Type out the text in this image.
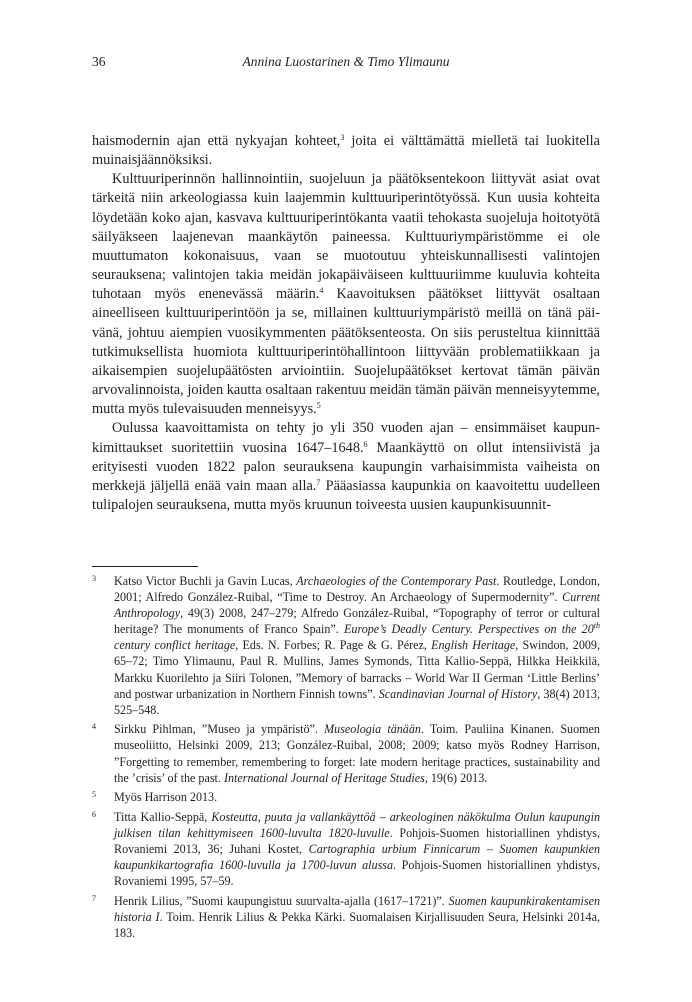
36	Annina Luostarinen & Timo Ylimaunu

haismodernin ajan että nykyajan kohteet,$^3$ joita ei välttämättä mielletä tai luokitella muinaisjäännöksiksi.

Kulttuuriperinnön hallinnointiin, suojeluun ja päätöksentekoon liittyvät asiat ovat tärkeitä niin arkeologiassa kuin laajemmin kulttuuriperintötyössä. Kun uusia kohteita löydetään koko ajan, kasvava kulttuuriperintökanta vaatii tehokasta suojeluja hoitotyötä säilyäkseen laajenevan maankäytön paineessa. Kulttuuriympäristömme ei ole muuttumaton kokonaisuus, vaan se muotoutuu yhteiskunnallisesti valintojen seurauksena; valintojen takia meidän jokapäiväiseen kulttuuriimme kuuluvia kohteita tuhotaan myös enenevässä määrin.$^4$ Kaavoituksen päätökset liittyvät osaltaan aineelliseen kulttuuriperintöön ja se, millainen kulttuuriympäristö meillä on tänä päivänä, johtuu aiempien vuosikymmenten päätöksenteosta. On siis perusteltua kiinnittää tutkimuksellista huomiota kulttuuriperintöhallintoon liittyvään problematiikkaan ja aikaisempien suojelupäätösten arviointiin. Suojelupäätökset kertovat tämän päivän arvovalinnoista, joiden kautta osaltaan rakentuu meidän tämän päivän menneisyytemme, mutta myös tulevaisuuden menneisyys.$^5$

Oulussa kaavoittamista on tehty jo yli 350 vuoden ajan – ensimmäiset kaupunkimittaukset suoritettiin vuosina 1647–1648.$^6$ Maankäyttö on ollut intensiivistä ja erityisesti vuoden 1822 palon seurauksena kaupungin varhaisimmista vaiheista on merkkejä jäljellä enää vain maan alla.$^7$ Pääasiassa kaupunkia on kaavoitettu uudelleen tulipalojen seurauksena, mutta myös kruunun toiveesta uusien kaupunkisuunnit-

3 Katso Victor Buchli ja Gavin Lucas, Archaeologies of the Contemporary Past. Routledge, London, 2001; Alfredo González-Ruibal, “Time to Destroy. An Archaeology of Supermodernity”. Current Anthropology, 49(3) 2008, 247–279; Alfredo González-Ruibal, “Topography of terror or cultural heritage? The monuments of Franco Spain”. Europe’s Deadly Century. Perspectives on the 20th century conflict heritage, Eds. N. Forbes; R. Page & G. Pérez, English Heritage, Swindon, 2009, 65–72; Timo Ylimaunu, Paul R. Mullins, James Symonds, Titta Kallio-Seppä, Hilkka Heikkilä, Markku Kuorilehto ja Siiri Tolonen, ”Memory of barracks – World War II German ‘Little Berlins’ and postwar urbanization in Northern Finnish towns”. Scandinavian Journal of History, 38(4) 2013, 525–548.
4 Sirkku Pihlman, ”Museo ja ympäristö”. Museologia tänään. Toim. Pauliina Kinanen. Suomen museoliitto, Helsinki 2009, 213; González-Ruibal, 2008; 2009; katso myös Rodney Harrison, ”Forgetting to remember, remembering to forget: late modern heritage practices, sustainability and the ’crisis’ of the past. International Journal of Heritage Studies, 19(6) 2013.
5 Myös Harrison 2013.
6 Titta Kallio-Seppä, Kosteutta, puuta ja vallankäyttöä – arkeologinen näkökulma Oulun kaupungin julkisen tilan kehittymiseen 1600-luvulta 1820-luvulle. Pohjois-Suomen historiallinen yhdistys, Rovaniemi 2013, 36; Juhani Kostet, Cartographia urbium Finnicarum – Suomen kaupunkien kaupunkikartografia 1600-luvulla ja 1700-luvun alussa. Pohjois-Suomen historiallinen yhdistys, Rovaniemi 1995, 57–59.
7 Henrik Lilius, ”Suomi kaupungistuu suurvalta-ajalla (1617–1721)”. Suomen kaupunkirakentamisen historia I. Toim. Henrik Lilius & Pekka Kärki. Suomalaisen Kirjallisuuden Seura, Helsinki 2014a, 183.
